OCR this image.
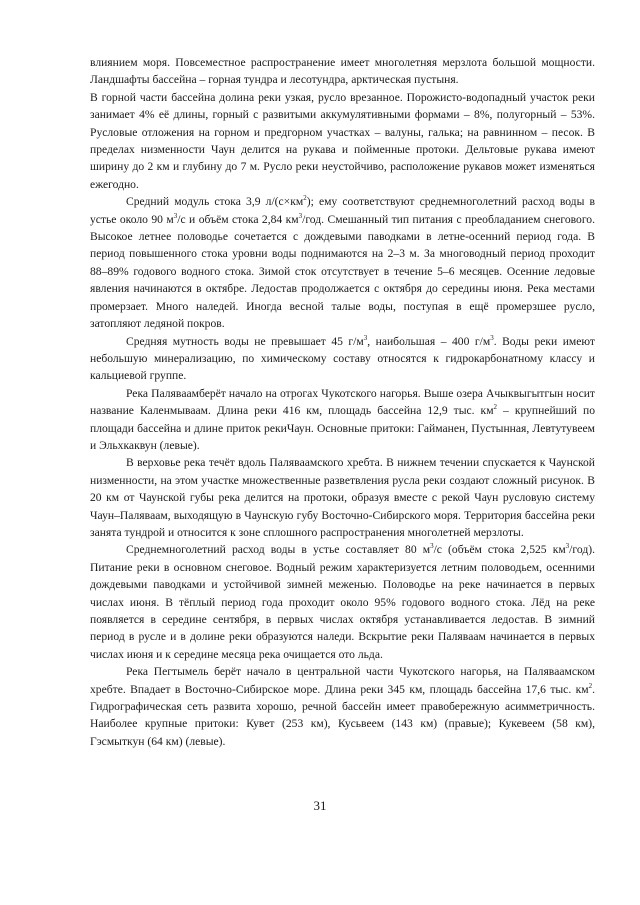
влиянием моря. Повсеместное распространение имеет многолетняя мерзлота большой мощности. Ландшафты бассейна – горная тундра и лесотундра, арктическая пустыня.

В горной части бассейна долина реки узкая, русло врезанное. Порожисто-водопадный участок реки занимает 4% её длины, горный с развитыми аккумулятивными формами – 8%, полугорный – 53%. Русловые отложения на горном и предгорном участках – валуны, галька; на равнинном – песок. В пределах низменности Чаун делится на рукава и пойменные протоки. Дельтовые рукава имеют ширину до 2 км и глубину до 7 м. Русло реки неустойчиво, расположение рукавов может изменяться ежегодно.

Средний модуль стока 3,9 $л/(с\times км^2)$; ему соответствуют среднемноголетний расход воды в устье около 90 $м^3/с$ и объём стока 2,84 $км^3$/год. Смешанный тип питания с преобладанием снегового. Высокое летнее половодье сочетается с дождевыми паводками в летне-осенний период года. В период повышенного стока уровни воды поднимаются на 2–3 м. За многоводный период проходит 88–89% годового водного стока. Зимой сток отсутствует в течение 5–6 месяцев. Осенние ледовые явления начинаются в октябре. Ледостав продолжается с октября до середины июня. Река местами промерзает. Много наледей. Иногда весной талые воды, поступая в ещё промерзшее русло, затопляют ледяной покров.

Средняя мутность воды не превышает 45 $г/м^3$, наибольшая – 400 $г/м^3$. Воды реки имеют небольшую минерализацию, по химическому составу относятся к гидрокарбонатному классу и кальциевой группе.

Река Палявaамберёт начало на отрогах Чукотского нагорья. Выше озера Ачыквыгытгын носит название Каленмываам. Длина реки 416 км, площадь бассейна 12,9 тыс. $км^2$ – крупнейший по площади бассейна и длине приток рекиЧаун. Основные притоки: Гайманен, Пустынная, Левтутувеем и Эльхкаквун (левые).

В верховье река течёт вдоль Палявaамского хребта. В нижнем течении спускается к Чаунской низменности, на этом участке множественные разветвления русла реки создают сложный рисунок. В 20 км от Чаунской губы река делится на протоки, образуя вместе с рекой Чаун русловую систему Чаун–Палявaам, выходящую в Чаунскую губу Восточно-Сибирского моря. Территория бассейна реки занята тундрой и относится к зоне сплошного распространения многолетней мерзлоты.

Среднемноголетний расход воды в устье составляет 80 $м^3/с$ (объём стока 2,525 $км^3/год$). Питание реки в основном снеговое. Водный режим характеризуется летним половодьем, осенними дождевыми паводками и устойчивой зимней меженью. Половодье на реке начинается в первых числах июня. В тёплый период года проходит около 95% годового водного стока. Лёд на реке появляется в середине сентября, в первых числах октября устанавливается ледостав. В зимний период в русле и в долине реки образуются наледи. Вскрытие реки Палявaам начинается в первых числах июня и к середине месяца река очищается ото льда.

Река Пегтымель берёт начало в центральной части Чукотского нагорья, на Палявaамском хребте. Впадает в Восточно-Сибирское море. Длина реки 345 км, площадь бассейна 17,6 тыс. $км^2$. Гидрографическая сеть развита хорошо, речной бассейн имеет правобережную асимметричность. Наиболее крупные притоки: Кувет (253 км), Кусьвеем (143 км) (правые); Кукевеем (58 км), Гэсмыткун (64 км) (левые).

31
